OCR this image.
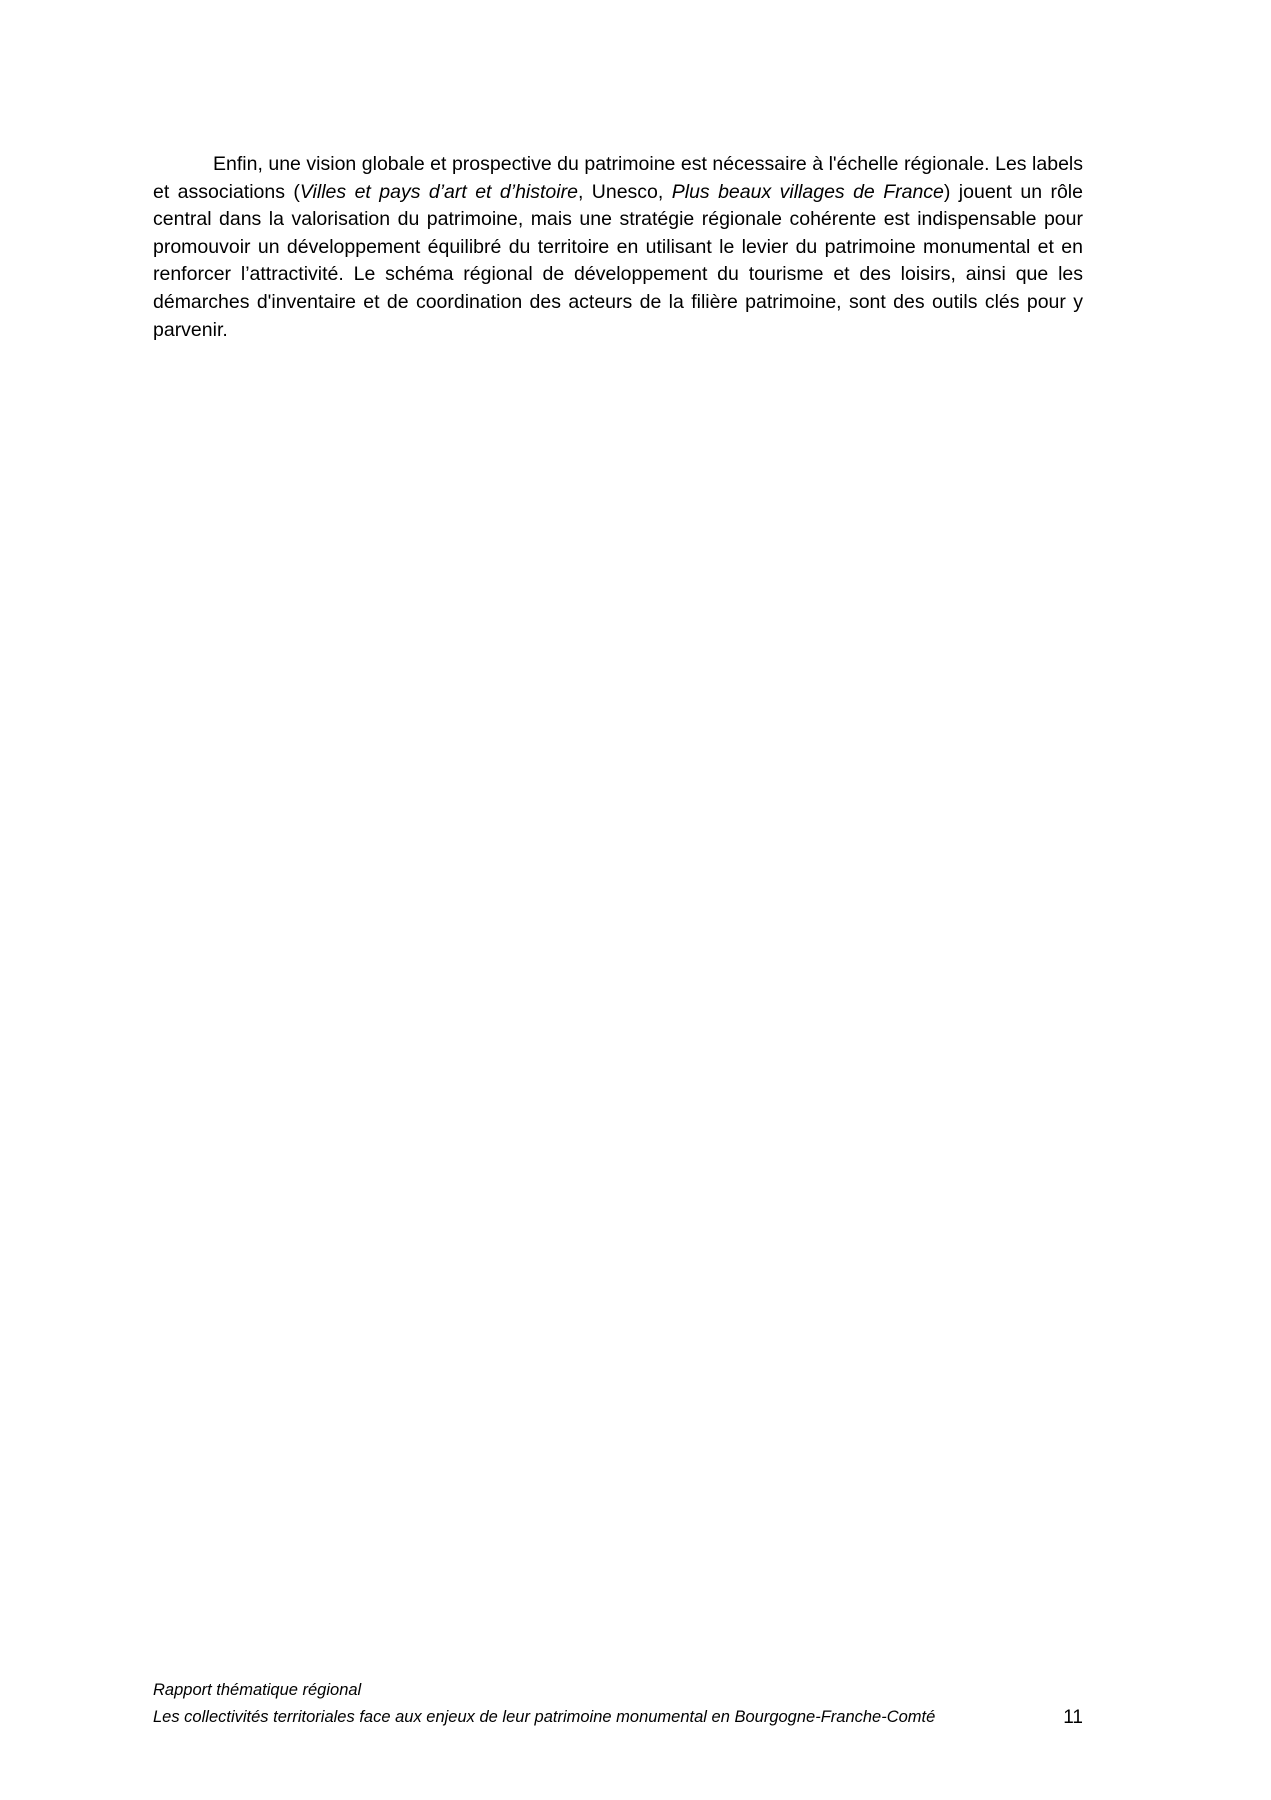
Enfin, une vision globale et prospective du patrimoine est nécessaire à l'échelle régionale. Les labels et associations (Villes et pays d’art et d’histoire, Unesco, Plus beaux villages de France) jouent un rôle central dans la valorisation du patrimoine, mais une stratégie régionale cohérente est indispensable pour promouvoir un développement équilibré du territoire en utilisant le levier du patrimoine monumental et en renforcer l’attractivité. Le schéma régional de développement du tourisme et des loisirs, ainsi que les démarches d'inventaire et de coordination des acteurs de la filière patrimoine, sont des outils clés pour y parvenir.

Rapport thématique régional
Les collectivités territoriales face aux enjeux de leur patrimoine monumental en Bourgogne-Franche-Comté	11
